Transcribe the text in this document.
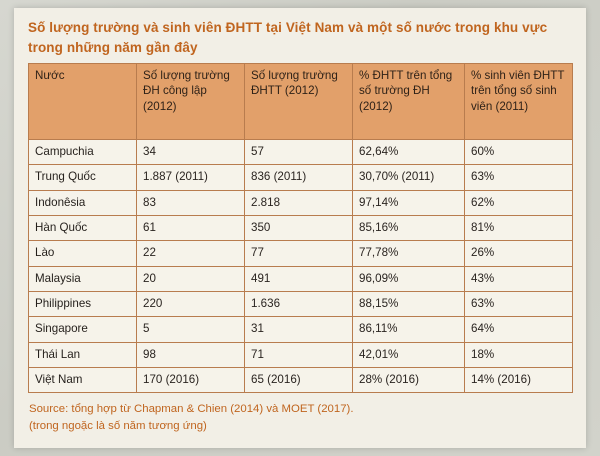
Số lượng trường và sinh viên ĐHTT tại Việt Nam và một số nước trong khu vực trong những năm gần đây
Nước	Số lượng trường ĐH công lập (2012)	Số lượng trường ĐHTT (2012)	% ĐHTT trên tổng số trường ĐH (2012)	% sinh viên ĐHTT trên tổng số sinh viên (2011)
Campuchia	34	57	62,64%	60%
Trung Quốc	1.887 (2011)	836 (2011)	30,70% (2011)	63%
Indonêsia	83	2.818	97,14%	62%
Hàn Quốc	61	350	85,16%	81%
Lào	22	77	77,78%	26%
Malaysia	20	491	96,09%	43%
Philippines	220	1.636	88,15%	63%
Singapore	5	31	86,11%	64%
Thái Lan	98	71	42,01%	18%
Việt Nam	170 (2016)	65 (2016)	28% (2016)	14% (2016)
Source: tổng hợp từ Chapman & Chien (2014) và MOET (2017).
(trong ngoặc là số năm tương ứng)
